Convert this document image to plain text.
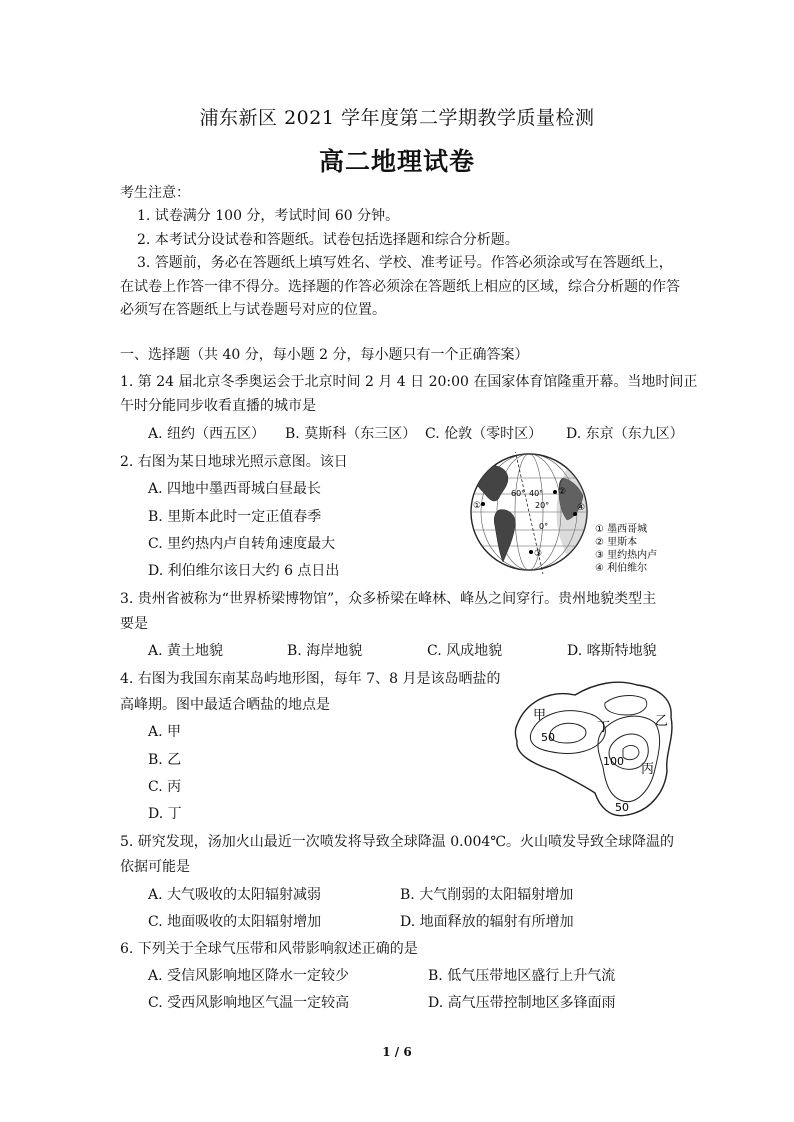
浦东新区 2021 学年度第二学期教学质量检测
高二地理试卷
考生注意：
1. 试卷满分 100 分，考试时间 60 分钟。
2. 本考试分设试卷和答题纸。试卷包括选择题和综合分析题。
3. 答题前，务必在答题纸上填写姓名、学校、准考证号。作答必须涂或写在答题纸上，
在试卷上作答一律不得分。选择题的作答必须涂在答题纸上相应的区域，综合分析题的作答
必须写在答题纸上与试卷题号对应的位置。
一、选择题（共 40 分，每小题 2 分，每小题只有一个正确答案）
1. 第 24 届北京冬季奥运会于北京时间 2 月 4 日 20:00 在国家体育馆隆重开幕。当地时间正
午时分能同步收看直播的城市是
A. 纽约（西五区） B. 莫斯科（东三区） C. 伦敦（零时区） D. 东京（东九区）
2. 右图为某日地球光照示意图。该日
A. 四地中墨西哥城白昼最长
B. 里斯本此时一定正值春季
C. 里约热内卢自转角速度最大
D. 利伯维尔该日大约 6 点日出
60° 40°
20°
0°
①
②
③
④
① 墨西哥城
② 里斯本
③ 里约热内卢
④ 利伯维尔
3. 贵州省被称为“世界桥梁博物馆”，众多桥梁在峰林、峰丛之间穿行。贵州地貌类型主
要是
A. 黄土地貌	B. 海岸地貌	C. 风成地貌	D. 喀斯特地貌
4. 右图为我国东南某岛屿地形图，每年 7、8 月是该岛晒盐的
高峰期。图中最适合晒盐的地点是
A. 甲
B. 乙
C. 丙
D. 丁
甲	乙
丙
丁
50
100
50
5. 研究发现，汤加火山最近一次喷发将导致全球降温 0.004℃。火山喷发导致全球降温的
依据可能是
A. 大气吸收的太阳辐射减弱	B. 大气削弱的太阳辐射增加
C. 地面吸收的太阳辐射增加	D. 地面释放的辐射有所增加
6. 下列关于全球气压带和风带影响叙述正确的是
A. 受信风影响地区降水一定较少	B. 低气压带地区盛行上升气流
C. 受西风影响地区气温一定较高	D. 高气压带控制地区多锋面雨
1 / 6
